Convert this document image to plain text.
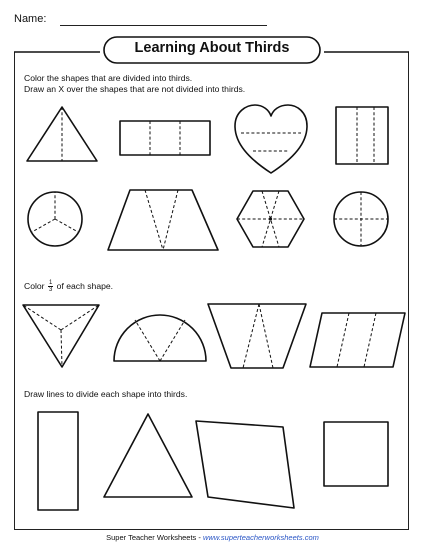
Name:
Learning About Thirds
Color the shapes that are divided into thirds.
Draw an X over the shapes that are not divided into thirds.
Color $\frac{1}{3}$ of each shape.
Draw lines to divide each shape into thirds.
Super Teacher Worksheets - www.superteacherworksheets.com
